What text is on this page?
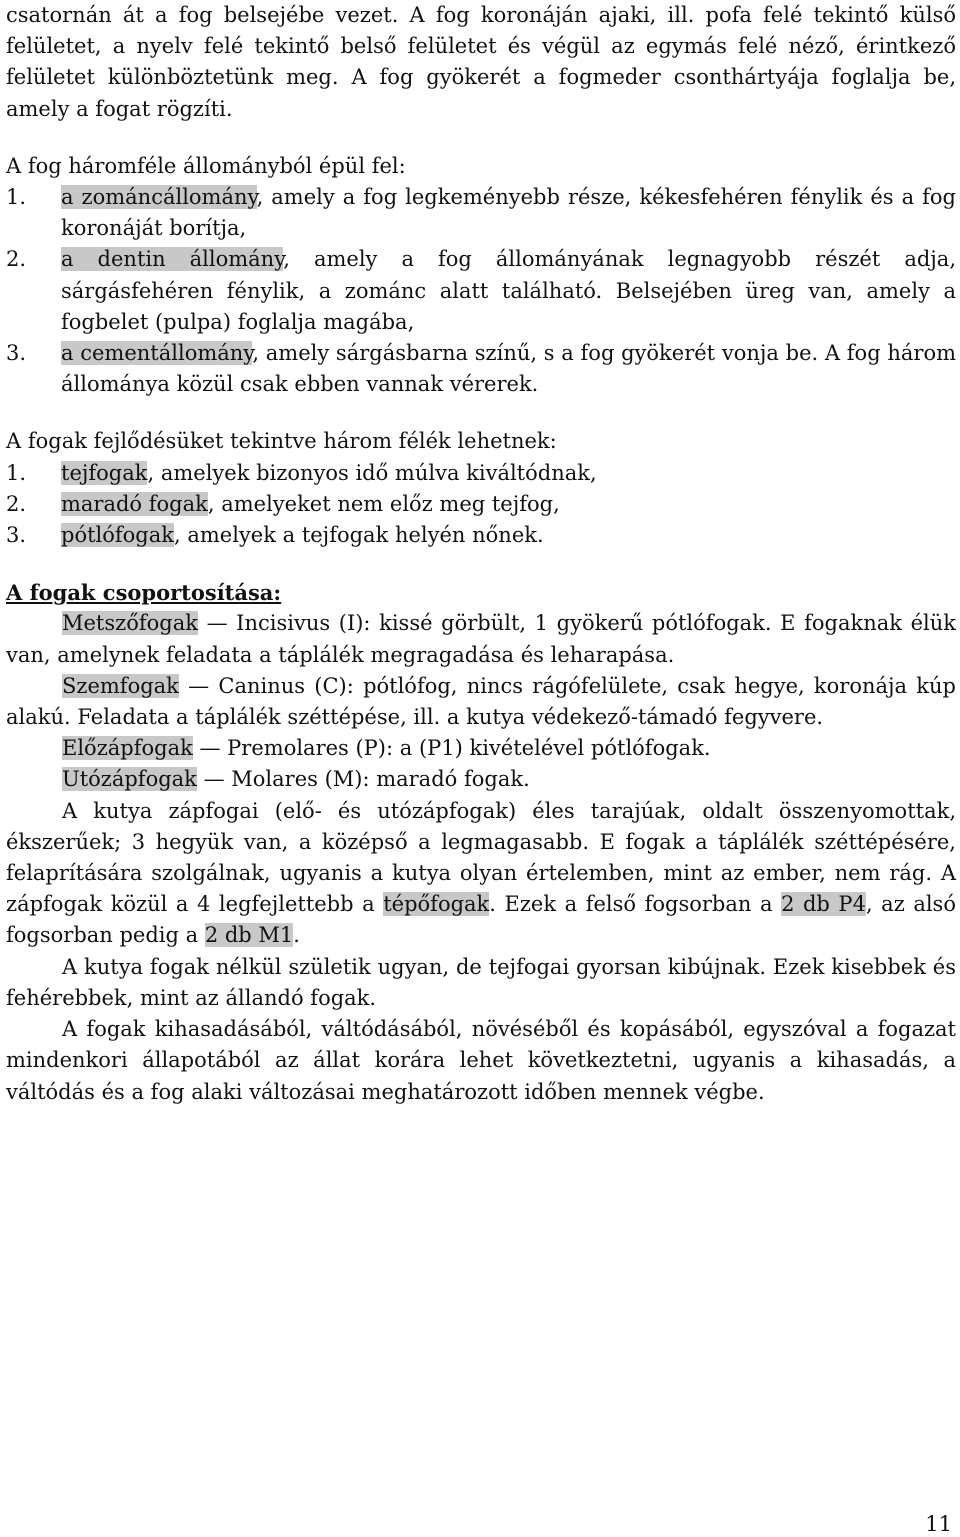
csatornán át a fog belsejébe vezet. A fog koronáján ajaki, ill. pofa felé tekintő külső felületet, a nyelv felé tekintő belső felületet és végül az egymás felé néző, érintkező felületet különböztetünk meg. A fog gyökerét a fogmeder csonthártyája foglalja be, amely a fogat rögzíti.

A fog háromféle állományból épül fel:

1. a zománcállomány, amely a fog legkeményebb része, kékesfehéren fénylik és a fog koronáját borítja,
2. a dentin állomány, amely a fog állományának legnagyobb részét adja, sárgásfehéren fénylik, a zománc alatt található. Belsejében üreg van, amely a fogbelet (pulpa) foglalja magába,
3. a cementállomány, amely sárgásbarna színű, s a fog gyökerét vonja be. A fog három állománya közül csak ebben vannak vérerek.

A fogak fejlődésüket tekintve három félék lehetnek:

1. tejfogak, amelyek bizonyos idő múlva kiváltódnak,
2. maradó fogak, amelyeket nem előz meg tejfog,
3. pótlófogak, amelyek a tejfogak helyén nőnek.

A fogak csoportosítása:

Metszőfogak — Incisivus (I): kissé görbült, 1 gyökerű pótlófogak. E fogaknak élük van, amelynek feladata a táplálék megragadása és leharapása.

Szemfogak — Caninus (C): pótlófog, nincs rágófelülete, csak hegye, koronája kúp alakú. Feladata a táplálék széttépése, ill. a kutya védekező-támadó fegyvere.

Előzápfogak — Premolares (P): a (P1) kivételével pótlófogak.

Utózápfogak — Molares (M): maradó fogak.

A kutya zápfogai (elő- és utózápfogak) éles tarajúak, oldalt összenyomottak, ékszerűek; 3 hegyük van, a középső a legmagasabb. E fogak a táplálék széttépésére, felaprítására szolgálnak, ugyanis a kutya olyan értelemben, mint az ember, nem rág. A zápfogak közül a 4 legfejlettebb a tépőfogak. Ezek a felső fogsorban a 2 db P4, az alsó fogsorban pedig a 2 db M1.

A kutya fogak nélkül születik ugyan, de tejfogai gyorsan kibújnak. Ezek kisebbek és fehérebbek, mint az állandó fogak.

A fogak kihasadásából, váltódásából, növéséből és kopásából, egyszóval a fogazat mindenkori állapotából az állat korára lehet következtetni, ugyanis a kihasadás, a váltódás és a fog alaki változásai meghatározott időben mennek végbe.

11
